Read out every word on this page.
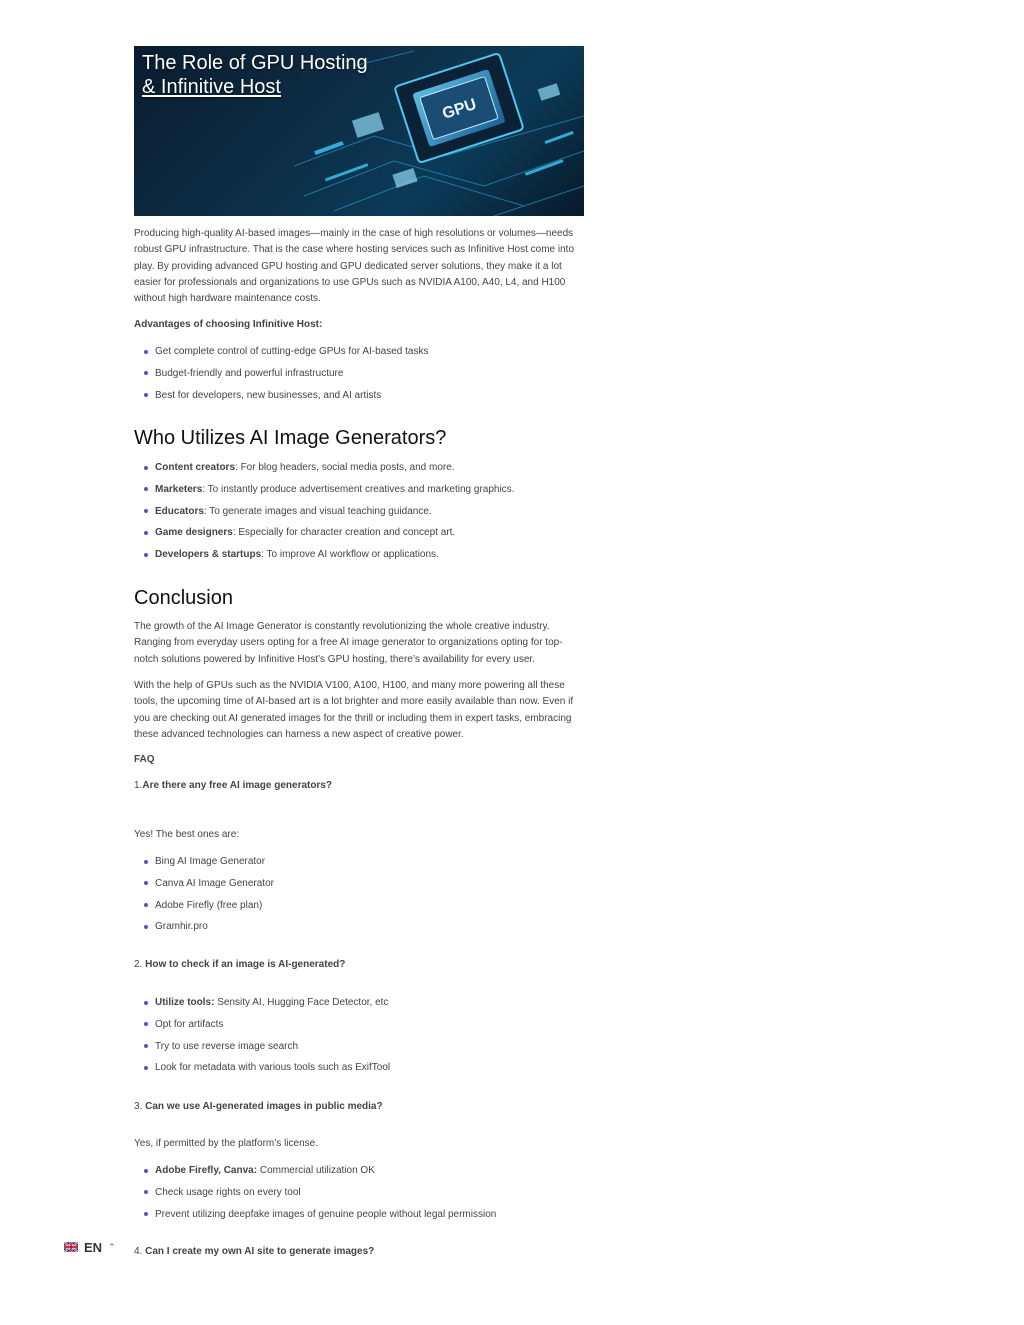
GPU
The Role of GPU Hosting
& Infinitive Host

Producing high-quality AI-based images—mainly in the case of high resolutions or volumes—needs robust GPU infrastructure. That is the case where hosting services such as Infinitive Host come into play. By providing advanced GPU hosting and GPU dedicated server solutions, they make it a lot easier for professionals and organizations to use GPUs such as NVIDIA A100, A40, L4, and H100 without high hardware maintenance costs.

Advantages of choosing Infinitive Host:

Get complete control of cutting-edge GPUs for AI-based tasks
Budget-friendly and powerful infrastructure
Best for developers, new businesses, and AI artists
Who Utilizes AI Image Generators?
Content creators: For blog headers, social media posts, and more.
Marketers: To instantly produce advertisement creatives and marketing graphics.
Educators: To generate images and visual teaching guidance.
Game designers: Especially for character creation and concept art.
Developers & startups: To improve AI workflow or applications.
Conclusion

The growth of the AI Image Generator is constantly revolutionizing the whole creative industry. Ranging from everyday users opting for a free AI image generator to organizations opting for top-notch solutions powered by Infinitive Host’s GPU hosting, there’s availability for every user.

With the help of GPUs such as the NVIDIA V100, A100, H100, and many more powering all these tools, the upcoming time of AI-based art is a lot brighter and more easily available than now. Even if you are checking out AI generated images for the thrill or including them in expert tasks, embracing these advanced technologies can harness a new aspect of creative power.

FAQ

1.Are there any free AI image generators?

Yes! The best ones are:

Bing AI Image Generator
Canva AI Image Generator
Adobe Firefly (free plan)
Gramhir.pro

2. How to check if an image is AI-generated?

Utilize tools: Sensity AI, Hugging Face Detector, etc
Opt for artifacts
Try to use reverse image search
Look for metadata with various tools such as ExifTool

3. Can we use AI-generated images in public media?

Yes, if permitted by the platform’s license.

Adobe Firefly, Canva: Commercial utilization OK
Check usage rights on every tool
Prevent utilizing deepfake images of genuine people without legal permission

4. Can I create my own AI site to generate images?

EN ⌃
